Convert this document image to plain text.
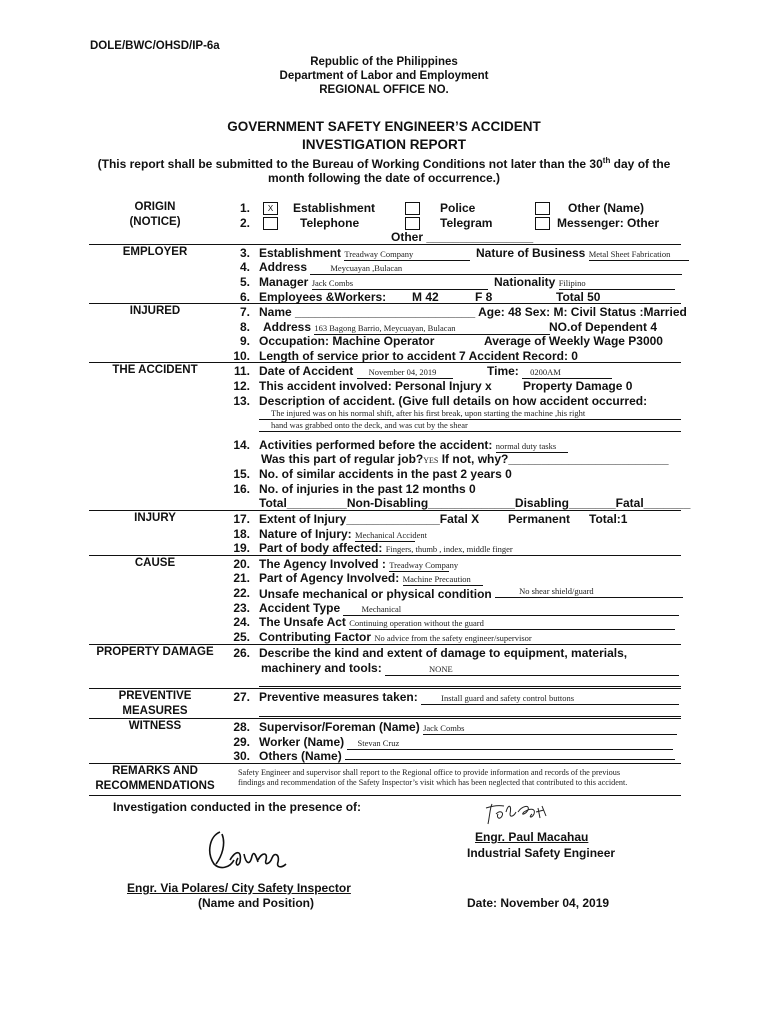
DOLE/BWC/OHSD/IP-6a
Republic of the Philippines
Department of Labor and Employment
REGIONAL OFFICE NO.
GOVERNMENT SAFETY ENGINEER’S ACCIDENT
INVESTIGATION REPORT
(This report shall be submitted to the Bureau of Working Conditions not later than the 30th day of the
month following the date of occurrence.)
ORIGIN
(NOTICE)
EMPLOYER
INJURED
THE ACCIDENT
INJURY
CAUSE
PROPERTY DAMAGE
PREVENTIVE
MEASURES
WITNESS
REMARKS AND
RECOMMENDATIONS
1.	X	Establishment	Police	Other (Name)
2.	Telephone	Telegram	Messenger: Other
Other ________________
3. Establishment Treadway Company	Nature of Business Metal Sheet Fabrication
4. Address	Meycuayan ,Bulacan
5. Manager Jack Combs	Nationality Filipino
6. Employees &Workers: M 42	F 8	Total 50
7. Name ___________________________ Age: 48 Sex: M: Civil Status :Married
8. Address 163 Bagong Barrio, Meycuayan, Bulacan	NO.of Dependent 4
9. Occupation: Machine Operator	Average of Weekly Wage P3000
10. Length of service prior to accident 7 Accident Record: 0
11. Date of Accident November 04, 2019	Time: 0200AM
12. This accident involved: Personal Injury x	Property Damage 0
13. Description of accident. (Give full details on how accident occurred:
The injured was on his normal shift, after his first break, upon starting the machine ,his right
hand was grabbed onto the deck, and was cut by the shear
14. Activities performed before the accident: normal duty tasks
Was this part of regular job?YES If not, why?________________________
15. No. of similar accidents in the past 2 years 0
16. No. of injuries in the past 12 months 0
Total_________Non-Disabling_____________Disabling_______Fatal_______
17. Extent of Injury______________Fatal X Permanent Total:1
18. Nature of Injury: Mechanical Accident
19. Part of body affected: Fingers, thumb , index, middle finger
20. The Agency Involved : Treadway Company
21. Part of Agency Involved: Machine Precaution
22. Unsafe mechanical or physical condition	No shear shield/guard
23. Accident Type	Mechanical
24. The Unsafe Act Continuing operation without the guard
25. Contributing Factor No advice from the safety engineer/supervisor
26. Describe the kind and extent of damage to equipment, materials,
machinery and tools:	NONE
27. Preventive measures taken:	Install guard and safety control buttons
28. Supervisor/Foreman (Name) Jack Combs
29. Worker (Name) Stevan Cruz
30. Others (Name)
Safety Engineer and supervisor shall report to the Regional office to provide information and records of the previous
findings and recommendation of the Safety Inspector’s visit which has been neglected that contributed to this accident.
Investigation conducted in the presence of:
Engr. Paul Macahau
Industrial Safety Engineer
Engr. Via Polares/ City Safety Inspector
(Name and Position)	Date: November 04, 2019
